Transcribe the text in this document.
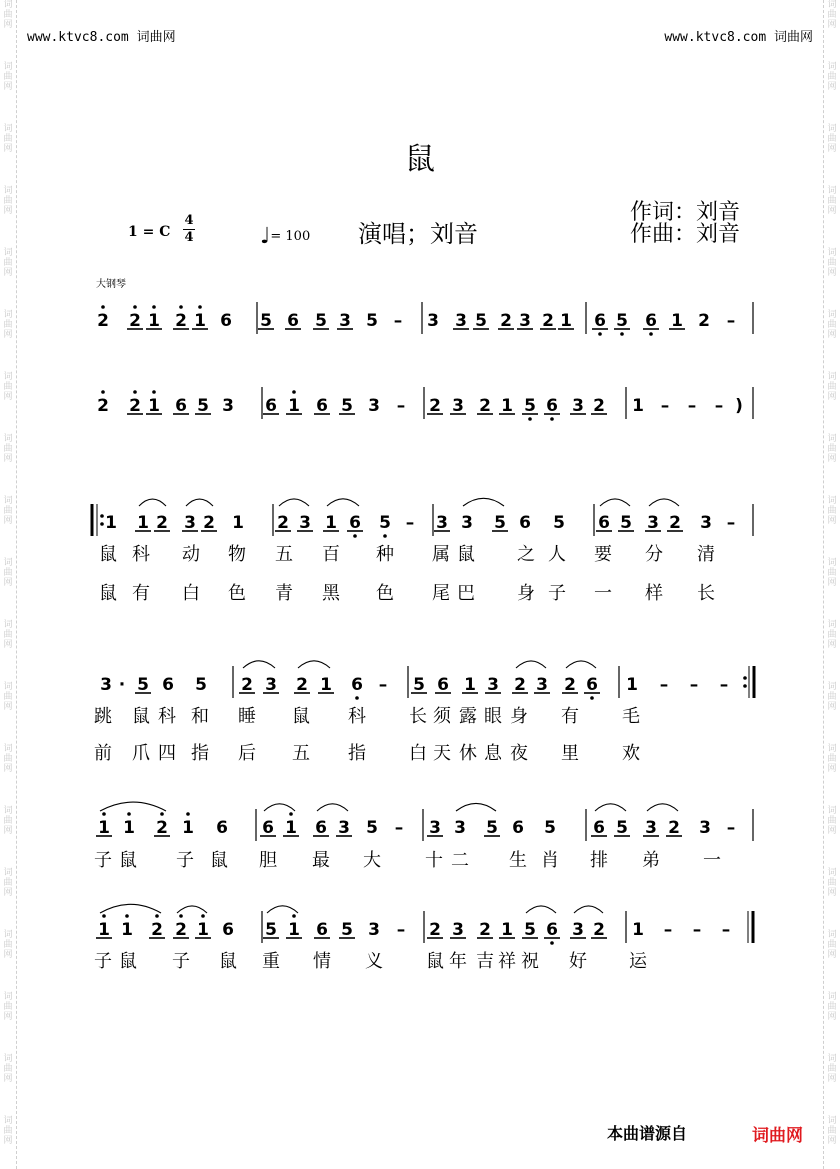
词
曲
网
词
曲
网
词
曲
网
词
曲
网
词
曲
网
词
曲
网
词
曲
网
词
曲
网
词
曲
网
词
曲
网
词
曲
网
词
曲
网
词
曲
网
词
曲
网
词
曲
网
词
曲
网
词
曲
网
词
曲
网
词
曲
网
词
曲
网
词
曲
网
词
曲
网
词
曲
网
词
曲
网
词
曲
网
词
曲
网
词
曲
网
词
曲
网
词
曲
网
词
曲
网
词
曲
网
词
曲
网
词
曲
网
词
曲
网
词
曲
网
词
曲
网
词
曲
网
词
曲
网
www.ktvc8.com 词曲网	www.ktvc8.com 词曲网
鼠
1 = C
4
4	♩= 100 演唱；刘音
作词：刘音
作曲：刘音
大钢琴
2 2 1 2 1 6 5 6 5 3 5 – 3 3 5 2 3 2 1 6 5 6 1 2 –
2 2 1 6 5 3 6 1 6 5 3 – 2 3 2 1 5 6 3 2 1 – – – )
1 1 2 3 2 1 2 3 1 6 5 – 3 3 5 6 5 6 5 3 2 3 –
3 · 5 6 5 2 3 2 1 6 – 5 6 1 3 2 3 2 6 1 – – –
1 1 2 1 6 6 1 6 3 5 – 3 3 5 6 5 6 5 3 2 3 –
1 1 2 2 1 6 5 1 6 5 3 – 2 3 2 1 5 6 3 2 1 – – –
鼠 科 动 物 五 百 种 属 鼠 之 人 要 分 清
鼠 有 白 色 青 黑 色 尾 巴 身 子 一 样 长
跳 鼠 科 和 睡 鼠 科 长 须 露 眼 身 有 毛
前 爪 四 指 后 五 指 白 天 休 息 夜 里 欢
子 鼠 子 鼠 胆 最 大 十 二 生 肖 排 弟 一
子 鼠 子 鼠 重 情 义 鼠 年 吉 祥 祝 好 运
本曲谱源自	词曲网
